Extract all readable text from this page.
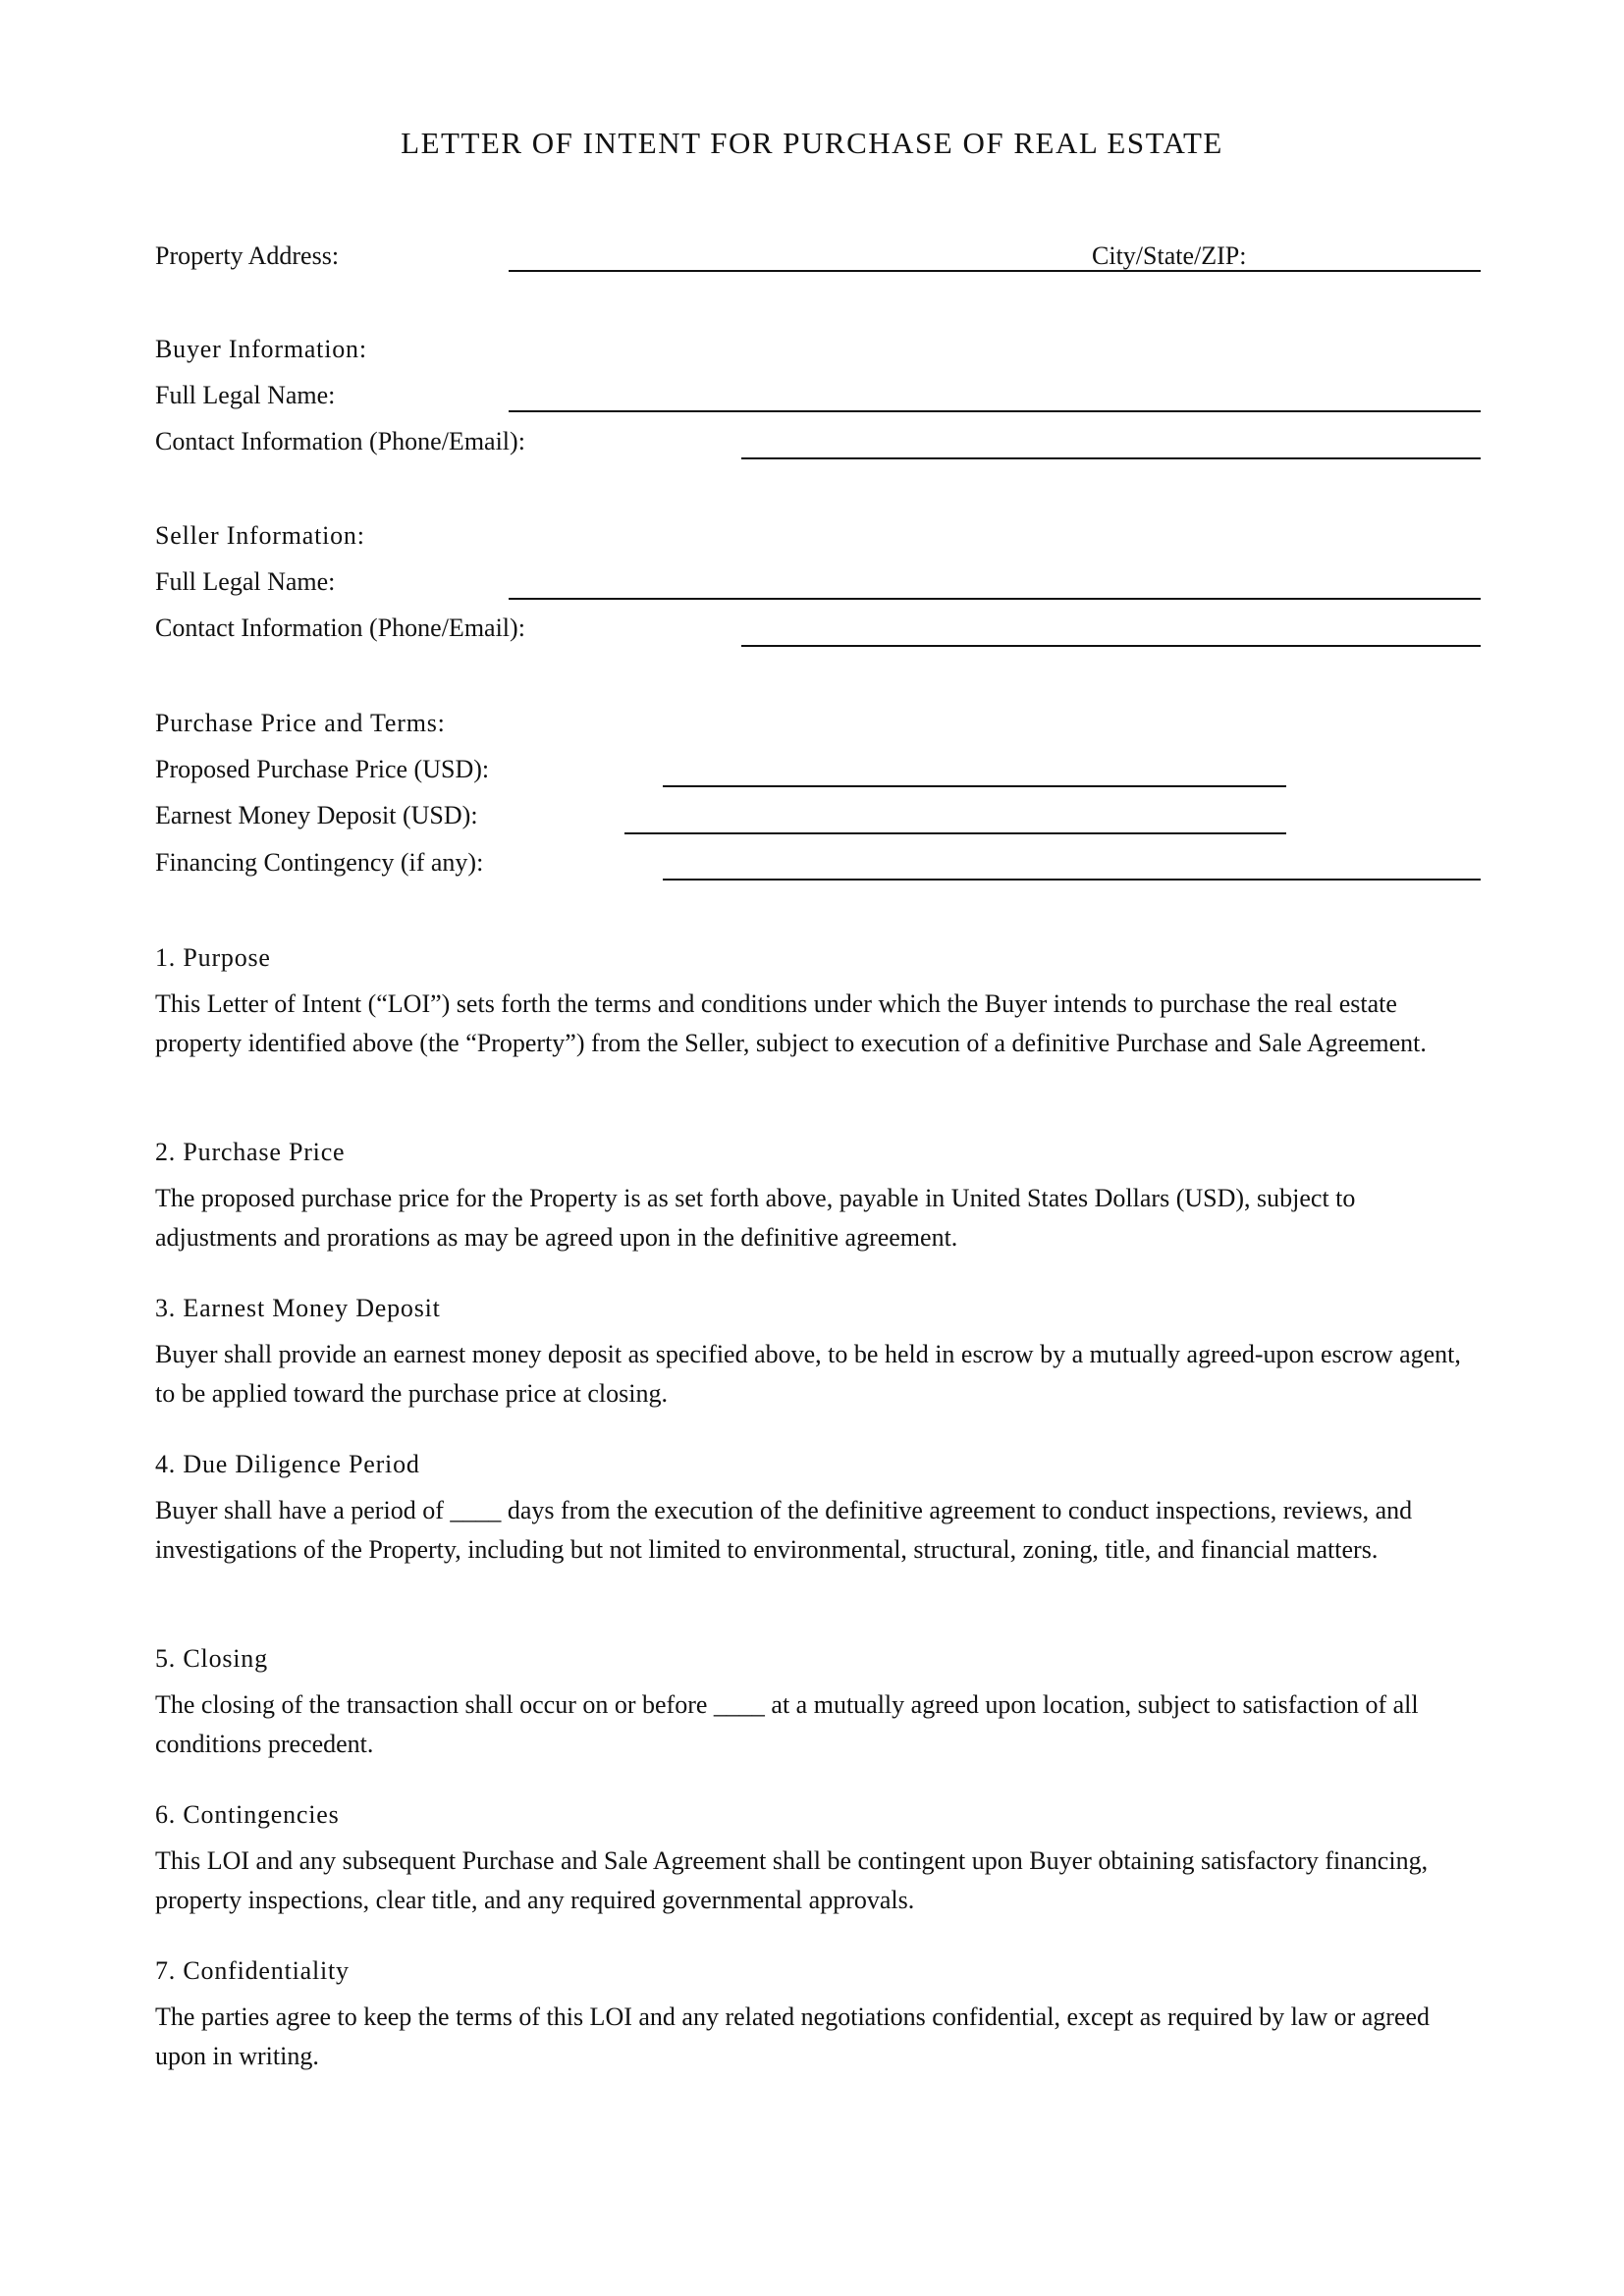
LETTER OF INTENT FOR PURCHASE OF REAL ESTATE
Property Address:	City/State/ZIP:
Buyer Information:
Full Legal Name:
Contact Information (Phone/Email):
Seller Information:
Full Legal Name:
Contact Information (Phone/Email):
Purchase Price and Terms:
Proposed Purchase Price (USD):
Earnest Money Deposit (USD):
Financing Contingency (if any):
1. Purpose
This Letter of Intent (“LOI”) sets forth the terms and conditions under which the Buyer intends to purchase the real estate property identified above (the “Property”) from the Seller, subject to execution of a definitive Purchase and Sale Agreement.
2. Purchase Price
The proposed purchase price for the Property is as set forth above, payable in United States Dollars (USD), subject to adjustments and prorations as may be agreed upon in the definitive agreement.
3. Earnest Money Deposit
Buyer shall provide an earnest money deposit as specified above, to be held in escrow by a mutually agreed-upon escrow agent, to be applied toward the purchase price at closing.
4. Due Diligence Period
Buyer shall have a period of ____ days from the execution of the definitive agreement to conduct inspections, reviews, and investigations of the Property, including but not limited to environmental, structural, zoning, title, and financial matters.
5. Closing
The closing of the transaction shall occur on or before ____ at a mutually agreed upon location, subject to satisfaction of all conditions precedent.
6. Contingencies
This LOI and any subsequent Purchase and Sale Agreement shall be contingent upon Buyer obtaining satisfactory financing, property inspections, clear title, and any required governmental approvals.
7. Confidentiality
The parties agree to keep the terms of this LOI and any related negotiations confidential, except as required by law or agreed upon in writing.
